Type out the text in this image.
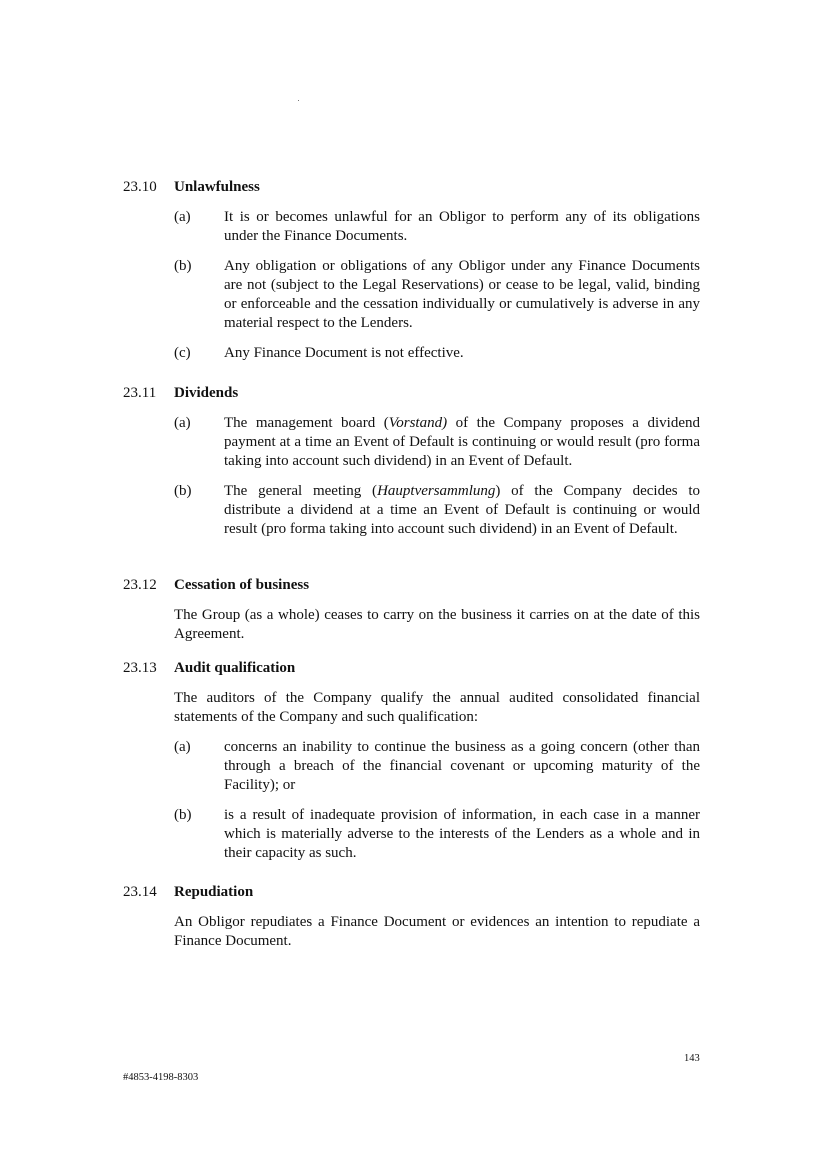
23.10	Unlawfulness
(a)	It is or becomes unlawful for an Obligor to perform any of its obligations under the Finance Documents.
(b)	Any obligation or obligations of any Obligor under any Finance Documents are not (subject to the Legal Reservations) or cease to be legal, valid, binding or enforceable and the cessation individually or cumulatively is adverse in any material respect to the Lenders.
(c)	Any Finance Document is not effective.
23.11	Dividends
(a)	The management board (Vorstand) of the Company proposes a dividend payment at a time an Event of Default is continuing or would result (pro forma taking into account such dividend) in an Event of Default.
(b)	The general meeting (Hauptversammlung) of the Company decides to distribute a dividend at a time an Event of Default is continuing or would result (pro forma taking into account such dividend) in an Event of Default.
23.12	Cessation of business
The Group (as a whole) ceases to carry on the business it carries on at the date of this Agreement.
23.13	Audit qualification
The auditors of the Company qualify the annual audited consolidated financial statements of the Company and such qualification:
(a)	concerns an inability to continue the business as a going concern (other than through a breach of the financial covenant or upcoming maturity of the Facility); or
(b)	is a result of inadequate provision of information, in each case in a manner which is materially adverse to the interests of the Lenders as a whole and in their capacity as such.
23.14	Repudiation
An Obligor repudiates a Finance Document or evidences an intention to repudiate a Finance Document.
143
#4853-4198-8303
